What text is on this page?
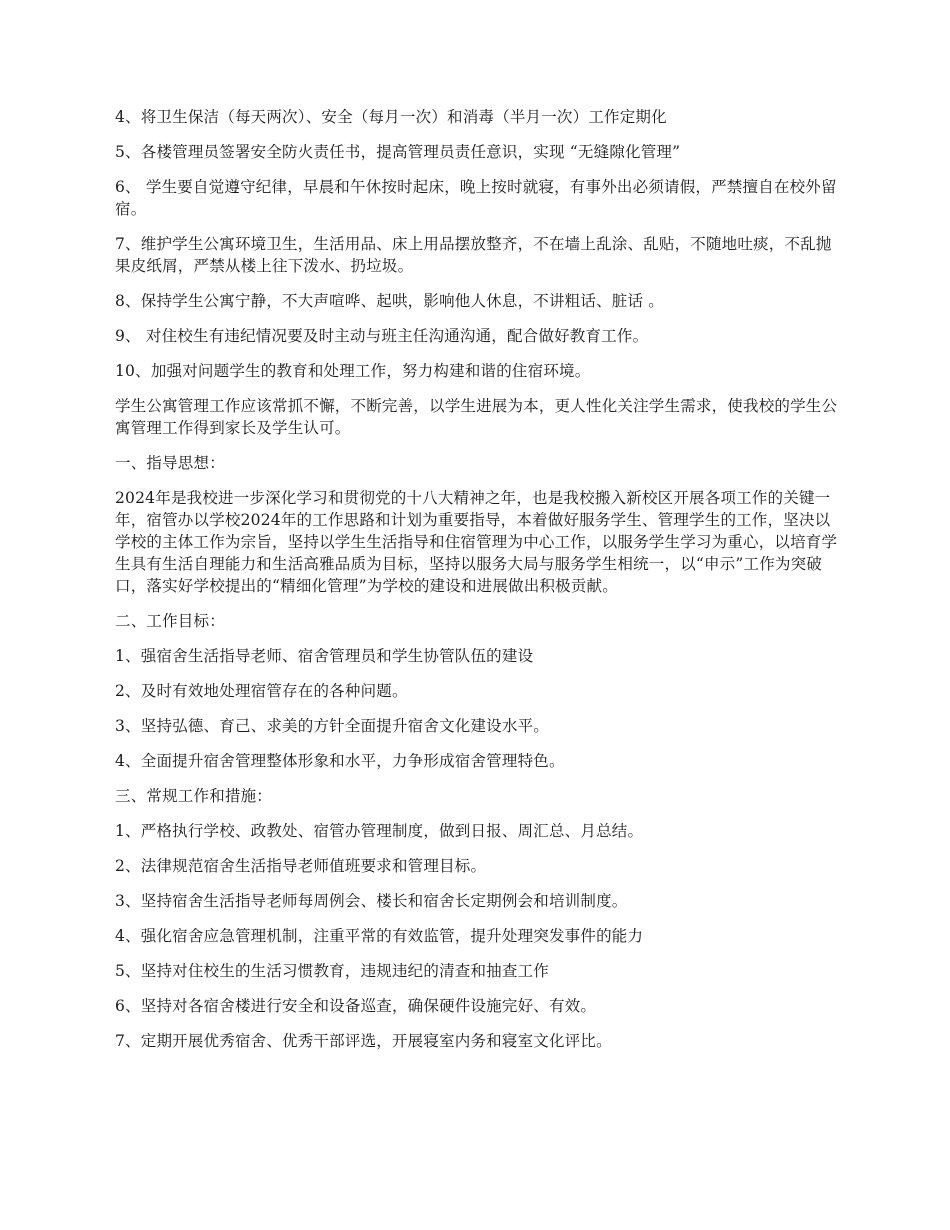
4、将卫生保洁（每天两次）、安全（每月一次）和消毒（半月一次）工作定期化

5、各楼管理员签署安全防火责任书，提高管理员责任意识，实现 “无缝隙化管理”

6、 学生要自觉遵守纪律，早晨和午休按时起床，晚上按时就寝，有事外出必须请假，严禁擅自在校外留宿。

7、维护学生公寓环境卫生，生活用品、床上用品摆放整齐，不在墙上乱涂、乱贴，不随地吐痰，不乱抛果皮纸屑，严禁从楼上往下泼水、扔垃圾。

8、保持学生公寓宁静，不大声喧哗、起哄，影响他人休息，不讲粗话、脏话 。

9、 对住校生有违纪情况要及时主动与班主任沟通沟通，配合做好教育工作。

10、加强对问题学生的教育和处理工作，努力构建和谐的住宿环境。

学生公寓管理工作应该常抓不懈，不断完善，以学生进展为本，更人性化关注学生需求，使我校的学生公寓管理工作得到家长及学生认可。

一、指导思想：

2024年是我校进一步深化学习和贯彻党的十八大精神之年，也是我校搬入新校区开展各项工作的关键一年，宿管办以学校2024年的工作思路和计划为重要指导，本着做好服务学生、管理学生的工作，坚决以学校的主体工作为宗旨，坚持以学生生活指导和住宿管理为中心工作，以服务学生学习为重心，以培育学生具有生活自理能力和生活高雅品质为目标，坚持以服务大局与服务学生相统一，以“申示”工作为突破口，落实好学校提出的“精细化管理”为学校的建设和进展做出积极贡献。

二、工作目标：

1、强宿舍生活指导老师、宿舍管理员和学生协管队伍的建设

2、及时有效地处理宿管存在的各种问题。

3、坚持弘德、育己、求美的方针全面提升宿舍文化建设水平。

4、全面提升宿舍管理整体形象和水平，力争形成宿舍管理特色。

三、常规工作和措施：

1、严格执行学校、政教处、宿管办管理制度，做到日报、周汇总、月总结。

2、法律规范宿舍生活指导老师值班要求和管理目标。

3、坚持宿舍生活指导老师每周例会、楼长和宿舍长定期例会和培训制度。

4、强化宿舍应急管理机制，注重平常的有效监管，提升处理突发事件的能力

5、坚持对住校生的生活习惯教育，违规违纪的清查和抽查工作

6、坚持对各宿舍楼进行安全和设备巡查，确保硬件设施完好、有效。

7、定期开展优秀宿舍、优秀干部评选，开展寝室内务和寝室文化评比。
